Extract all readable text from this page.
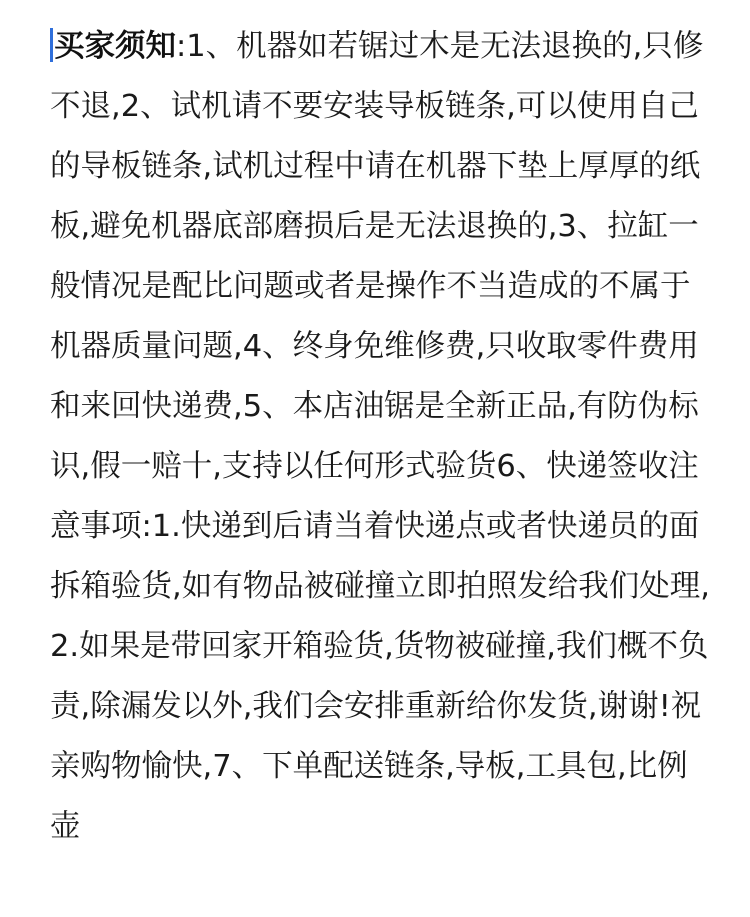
买家须知:1、机器如若锯过木是无法退换的,只修不退,2、试机请不要安装导板链条,可以使用自己的导板链条,试机过程中请在机器下垫上厚厚的纸板,避免机器底部磨损后是无法退换的,3、拉缸一般情况是配比问题或者是操作不当造成的不属于机器质量问题,4、终身免维修费,只收取零件费用和来回快递费,5、本店油锯是全新正品,有防伪标识,假一赔十,支持以任何形式验货6、快递签收注意事项:1.快递到后请当着快递点或者快递员的面拆箱验货,如有物品被碰撞立即拍照发给我们处理,2.如果是带回家开箱验货,货物被碰撞,我们概不负责,除漏发以外,我们会安排重新给你发货,谢谢!祝亲购物愉快,7、下单配送链条,导板,工具包,比例壶
